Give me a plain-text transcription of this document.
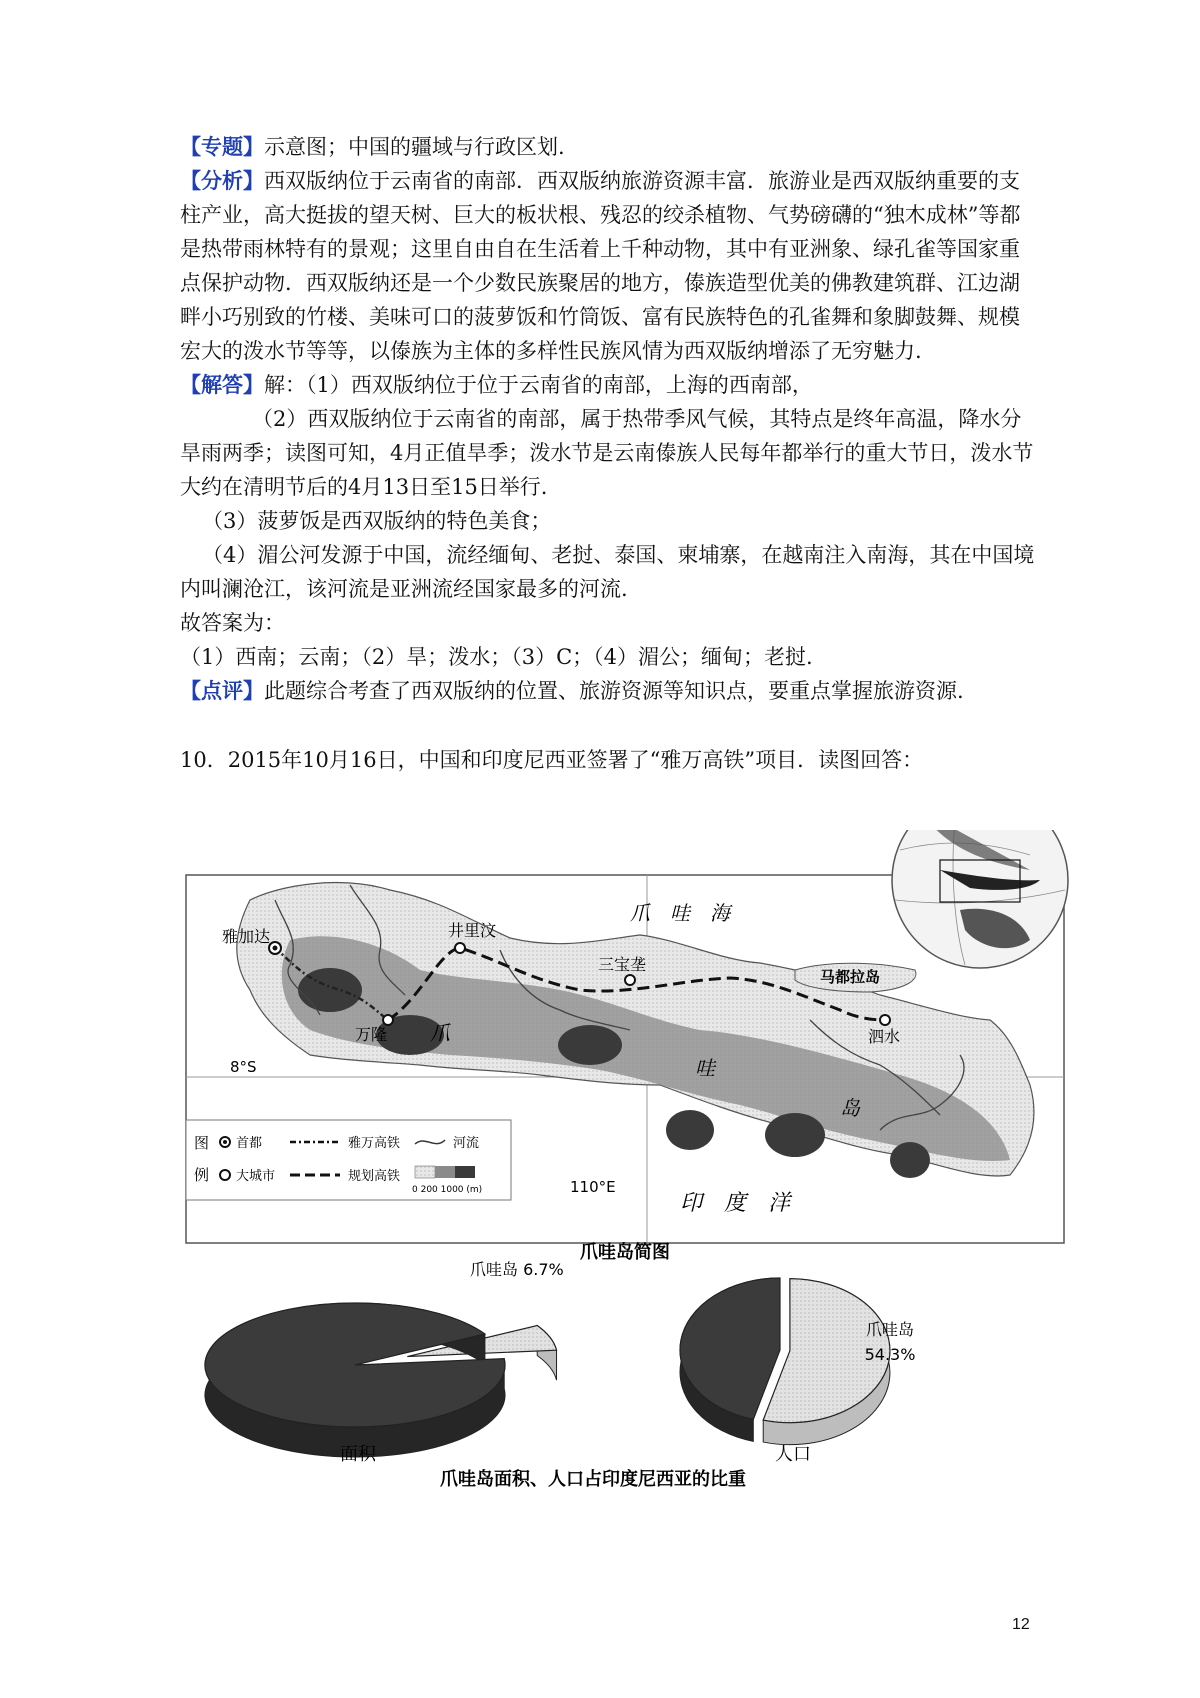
【专题】示意图；中国的疆域与行政区划.

【分析】西双版纳位于云南省的南部．西双版纳旅游资源丰富．旅游业是西双版纳重要的支柱产业，高大挺拔的望天树、巨大的板状根、残忍的绞杀植物、气势磅礴的“独木成林”等都是热带雨林特有的景观；这里自由自在生活着上千种动物，其中有亚洲象、绿孔雀等国家重点保护动物．西双版纳还是一个少数民族聚居的地方，傣族造型优美的佛教建筑群、江边湖畔小巧别致的竹楼、美味可口的菠萝饭和竹筒饭、富有民族特色的孔雀舞和象脚鼓舞、规模宏大的泼水节等等，以傣族为主体的多样性民族风情为西双版纳增添了无穷魅力.

【解答】解：（1）西双版纳位于位于云南省的南部，上海的西南部，

（2）西双版纳位于云南省的南部，属于热带季风气候，其特点是终年高温，降水分旱雨两季；读图可知，4月正值旱季；泼水节是云南傣族人民每年都举行的重大节日，泼水节大约在清明节后的4月13日至15日举行.

（3）菠萝饭是西双版纳的特色美食；

（4）湄公河发源于中国，流经缅甸、老挝、泰国、柬埔寨，在越南注入南海，其在中国境内叫澜沧江，该河流是亚洲流经国家最多的河流.

故答案为：

（1）西南；云南；（2）旱；泼水；（3）C；（4）湄公；缅甸；老挝.

【点评】此题综合考查了西双版纳的位置、旅游资源等知识点，要重点掌握旅游资源.

10．2015年10月16日，中国和印度尼西亚签署了“雅万高铁”项目．读图回答：
雅加达	井里汶
万隆
三宝垄
泗水
马都拉岛
爪　哇　海
印　度　洋
爪
哇
岛
8°S
110°E
图
例
首都
大城市
雅万高铁
规划高铁
河流
0 200 1000 (m)
爪哇岛简图
爪哇岛 6.7%
爪哇岛
54.3%
面积	人口
爪哇岛面积、人口占印度尼西亚的比重
12
